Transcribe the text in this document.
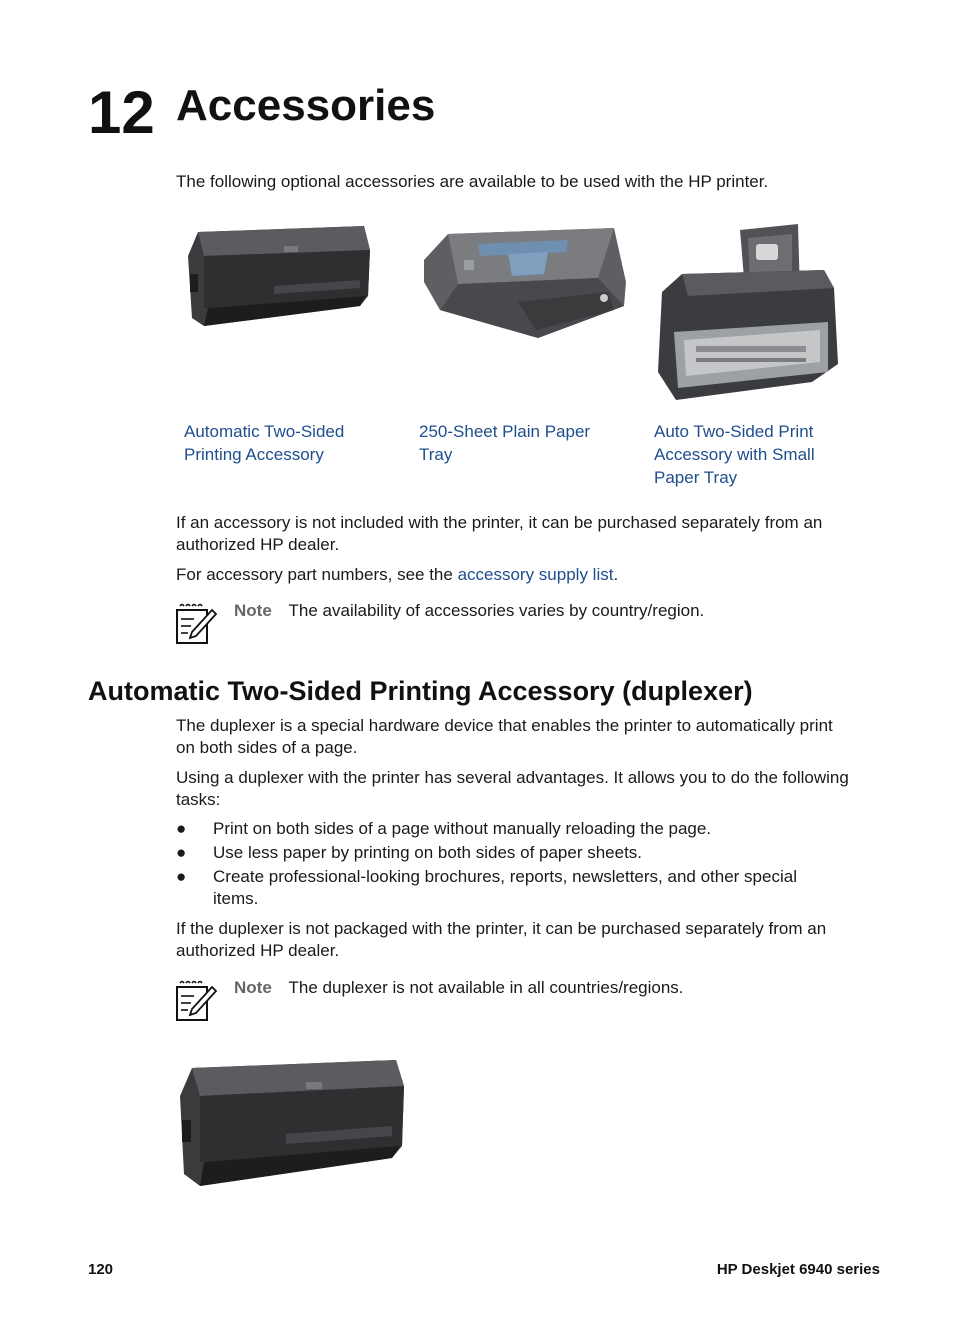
12 Accessories
The following optional accessories are available to be used with the HP printer.
Automatic Two-Sided
Printing Accessory
250-Sheet Plain Paper
Tray
Auto Two-Sided Print
Accessory with Small
Paper Tray
If an accessory is not included with the printer, it can be purchased separately from an
authorized HP dealer.
For accessory part numbers, see the accessory supply list.
Note The availability of accessories varies by country/region.
Automatic Two-Sided Printing Accessory (duplexer)
The duplexer is a special hardware device that enables the printer to automatically print
on both sides of a page.
Using a duplexer with the printer has several advantages. It allows you to do the following
tasks:
● Print on both sides of a page without manually reloading the page.
● Use less paper by printing on both sides of paper sheets.
● Create professional-looking brochures, reports, newsletters, and other special
items.
If the duplexer is not packaged with the printer, it can be purchased separately from an
authorized HP dealer.
Note The duplexer is not available in all countries/regions.
120	HP Deskjet 6940 series
